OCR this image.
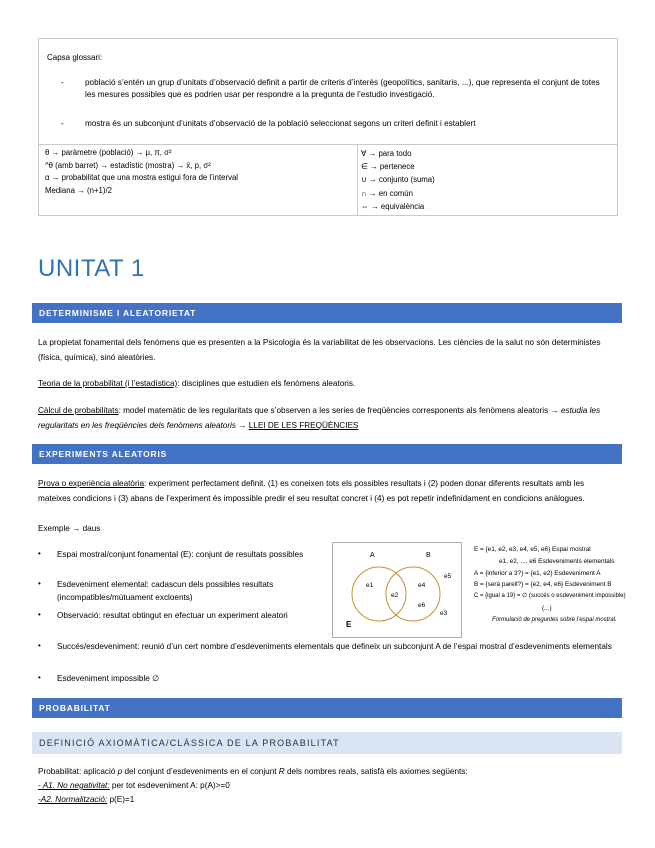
Capsa glossari:
-	població s’entén un grup d’unitats d’observació definit a partir de criteris d’interès (geopolítics, sanitaris, ...), que representa el conjunt de totes les mesures possibles que es podrien usar per respondre a la pregunta de l’estudio investigació.
-	mostra és un subconjunt d’unitats d’observació de la població seleccionat segons un criteri definit i establert
θ → paràmetre (població) → μ, π, σ²
^θ (amb barret) → estadístic (mostra) → x̄, p, σ²
α → probabilitat que una mostra estigui fora de l’interval
Mediana → (n+1)/2
∀ → para todo
∈ → pertenece
∪ → conjunto (suma)
∩ → en común
⇔ → equivalència
UNITAT 1
DETERMINISME I ALEATORIETAT
La propietat fonamental dels fenòmens que es presenten a la Psicologia és la variabilitat de les observacions. Les ciències de la salut no són deterministes (física, química), sinó aleatòries.
Teoria de la probabilitat (i l’estadística): disciplines que estudien els fenòmens aleatoris.
Càlcul de probabilitats: model matemàtic de les regularitats que s’observen a les series de freqüències corresponents als fenòmens aleatoris → estudia les regularitats en les freqüències dels fenòmens aleatoris → LLEI DE LES FREQÜÈNCIES
EXPERIMENTS ALEATORIS
Prova o experiència aleatòria: experiment perfectament definit. (1) es coneixen tots els possibles resultats i (2) poden donar diferents resultats amb les mateixes condicions i (3) abans de l’experiment és impossible predir el seu resultat concret i (4) es pot repetir indefinidament en condicions anàlogues.
Exemple → daus
• Espai mostral/conjunt fonamental (E): conjunt de resultats possibles
• Esdeveniment elemental: cadascun dels possibles resultats (incompatibles/mútuament excloents)
• Observació: resultat obtingut en efectuar un experiment aleatori
• Succés/esdeveniment: reunió d’un cert nombre d’esdeveniments elementals que defineix un subconjunt A de l’espai mostral d’esdeveniments elementals
• Esdeveniment impossible ∅
A	B
E
e1
e2
e4
e6
e5
e3
E = {e1, e2, e3, e4, e5, e6} Espai mostral
e1, e2, ..., e6 Esdeveniments elementals
A = {inferior a 3?} = {e1, e2} Esdeveniment A
B = {serà parell?} = {e2, e4, e6} Esdeveniment B
C = {igual a 19} = ∅ (succés o esdeveniment impossible)
(...)
Formulació de preguntes sobre l’espai mostral.
PROBABILITAT
DEFINICIÓ AXIOMÀTICA/CLÀSSICA DE LA PROBABILITAT
Probabilitat: aplicació p del conjunt d’esdeveniments en el conjunt R dels nombres reals, satisfà els axiomes següents:
- A1. No negativitat: per tot esdeveniment A: p(A)>=0
-A2. Normalització: p(E)=1
